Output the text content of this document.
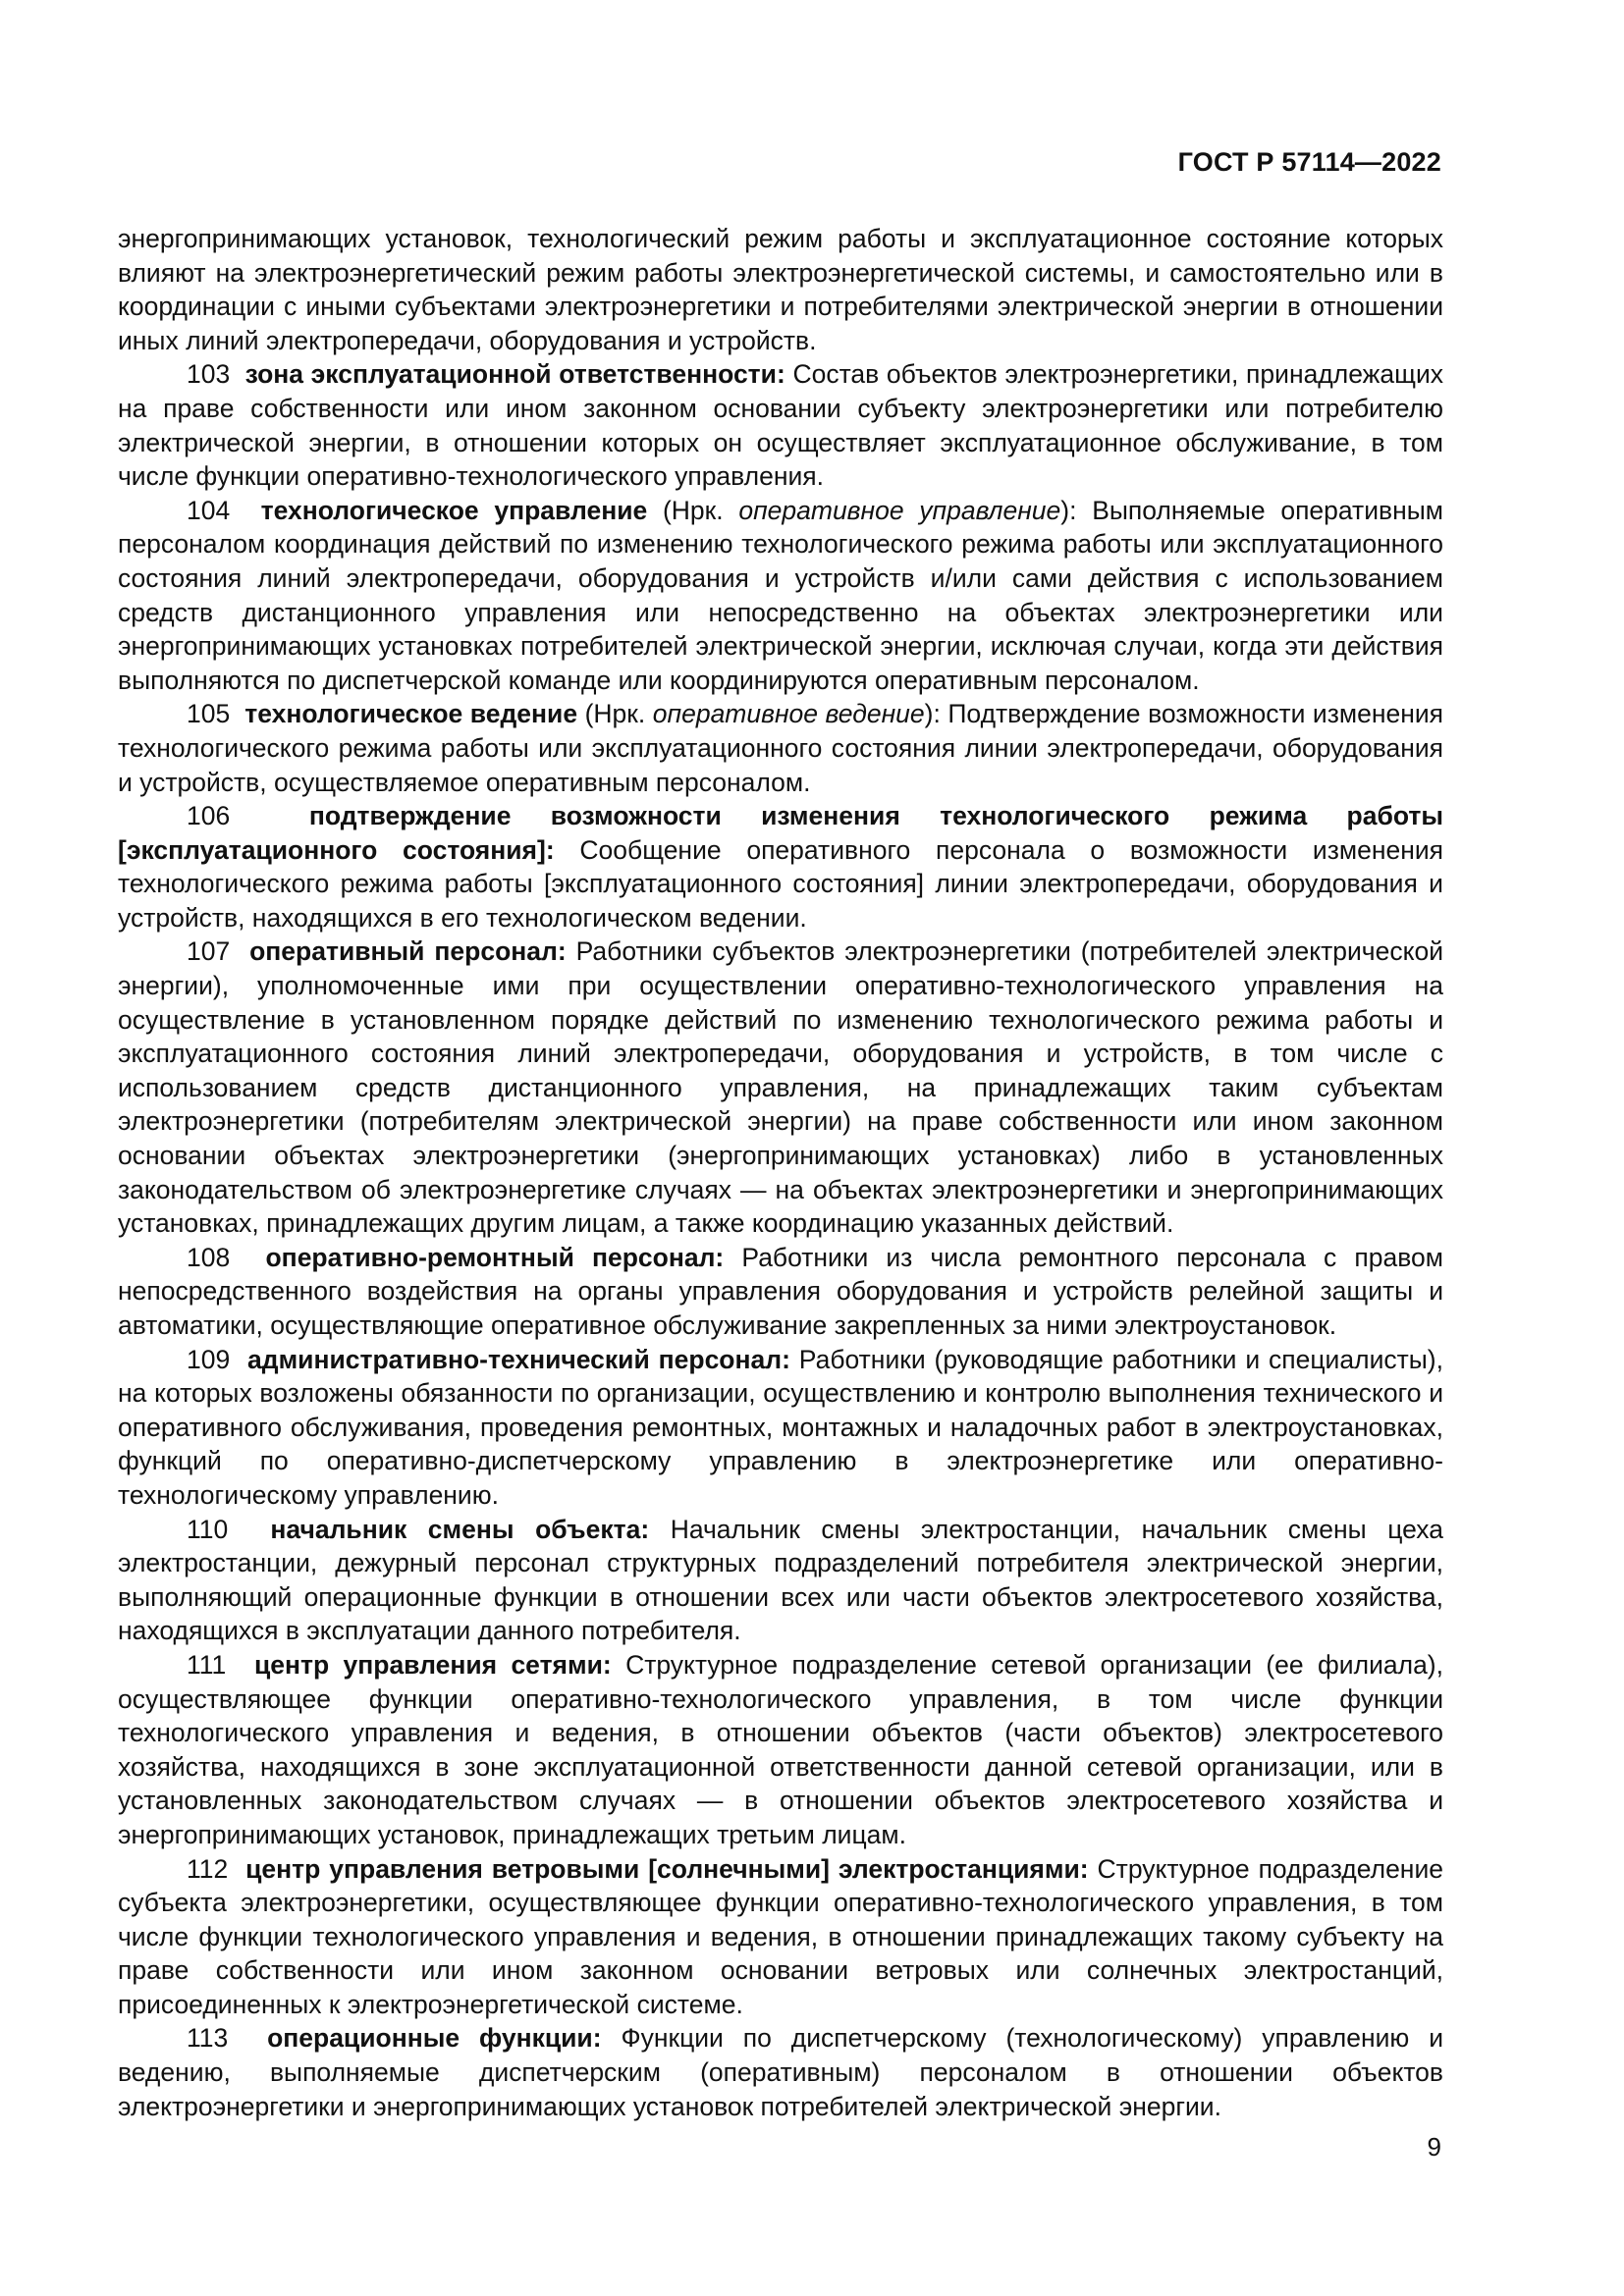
ГОСТ Р 57114—2022

энергопринимающих установок, технологический режим работы и эксплуатационное состояние которых влияют на электроэнергетический режим работы электроэнергетической системы, и самостоятельно или в координации с иными субъектами электроэнергетики и потребителями электрической энергии в отношении иных линий электропередачи, оборудования и устройств.

103 зона эксплуатационной ответственности: Состав объектов электроэнергетики, принадлежащих на праве собственности или ином законном основании субъекту электроэнергетики или потребителю электрической энергии, в отношении которых он осуществляет эксплуатационное обслуживание, в том числе функции оперативно-технологического управления.

104 технологическое управление (Нрк. оперативное управление): Выполняемые оперативным персоналом координация действий по изменению технологического режима работы или эксплуатационного состояния линий электропередачи, оборудования и устройств и/или сами действия с использованием средств дистанционного управления или непосредственно на объектах электроэнергетики или энергопринимающих установках потребителей электрической энергии, исключая случаи, когда эти действия выполняются по диспетчерской команде или координируются оперативным персоналом.

105 технологическое ведение (Нрк. оперативное ведение): Подтверждение возможности изменения технологического режима работы или эксплуатационного состояния линии электропередачи, оборудования и устройств, осуществляемое оперативным персоналом.

106	подтверждение возможности изменения технологического режима работы [эксплуатационного состояния]: Сообщение оперативного персонала о возможности изменения технологического режима работы [эксплуатационного состояния] линии электропередачи, оборудования и устройств, находящихся в его технологическом ведении.

107 оперативный персонал: Работники субъектов электроэнергетики (потребителей электрической энергии), уполномоченные ими при осуществлении оперативно-технологического управления на осуществление в установленном порядке действий по изменению технологического режима работы и эксплуатационного состояния линий электропередачи, оборудования и устройств, в том числе с использованием средств дистанционного управления, на принадлежащих таким субъектам электроэнергетики (потребителям электрической энергии) на праве собственности или ином законном основании объектах электроэнергетики (энергопринимающих установках) либо в установленных законодательством об электроэнергетике случаях — на объектах электроэнергетики и энергопринимающих установках, принадлежащих другим лицам, а также координацию указанных действий.

108 оперативно-ремонтный персонал: Работники из числа ремонтного персонала с правом непосредственного воздействия на органы управления оборудования и устройств релейной защиты и автоматики, осуществляющие оперативное обслуживание закрепленных за ними электроустановок.

109 административно-технический персонал: Работники (руководящие работники и специалисты), на которых возложены обязанности по организации, осуществлению и контролю выполнения технического и оперативного обслуживания, проведения ремонтных, монтажных и наладочных работ в электроустановках, функций по оперативно-диспетчерскому управлению в электроэнергетике или оперативно-технологическому управлению.

110 начальник смены объекта: Начальник смены электростанции, начальник смены цеха электростанции, дежурный персонал структурных подразделений потребителя электрической энергии, выполняющий операционные функции в отношении всех или части объектов электросетевого хозяйства, находящихся в эксплуатации данного потребителя.

111 центр управления сетями: Структурное подразделение сетевой организации (ее филиала), осуществляющее функции оперативно-технологического управления, в том числе функции технологического управления и ведения, в отношении объектов (части объектов) электросетевого хозяйства, находящихся в зоне эксплуатационной ответственности данной сетевой организации, или в установленных законодательством случаях — в отношении объектов электросетевого хозяйства и энергопринимающих установок, принадлежащих третьим лицам.

112 центр управления ветровыми [солнечными] электростанциями: Структурное подразделение субъекта электроэнергетики, осуществляющее функции оперативно-технологического управления, в том числе функции технологического управления и ведения, в отношении принадлежащих такому субъекту на праве собственности или ином законном основании ветровых или солнечных электростанций, присоединенных к электроэнергетической системе.

113 операционные функции: Функции по диспетчерскому (технологическому) управлению и ведению, выполняемые диспетчерским (оперативным) персоналом в отношении объектов электроэнергетики и энергопринимающих установок потребителей электрической энергии.

9
